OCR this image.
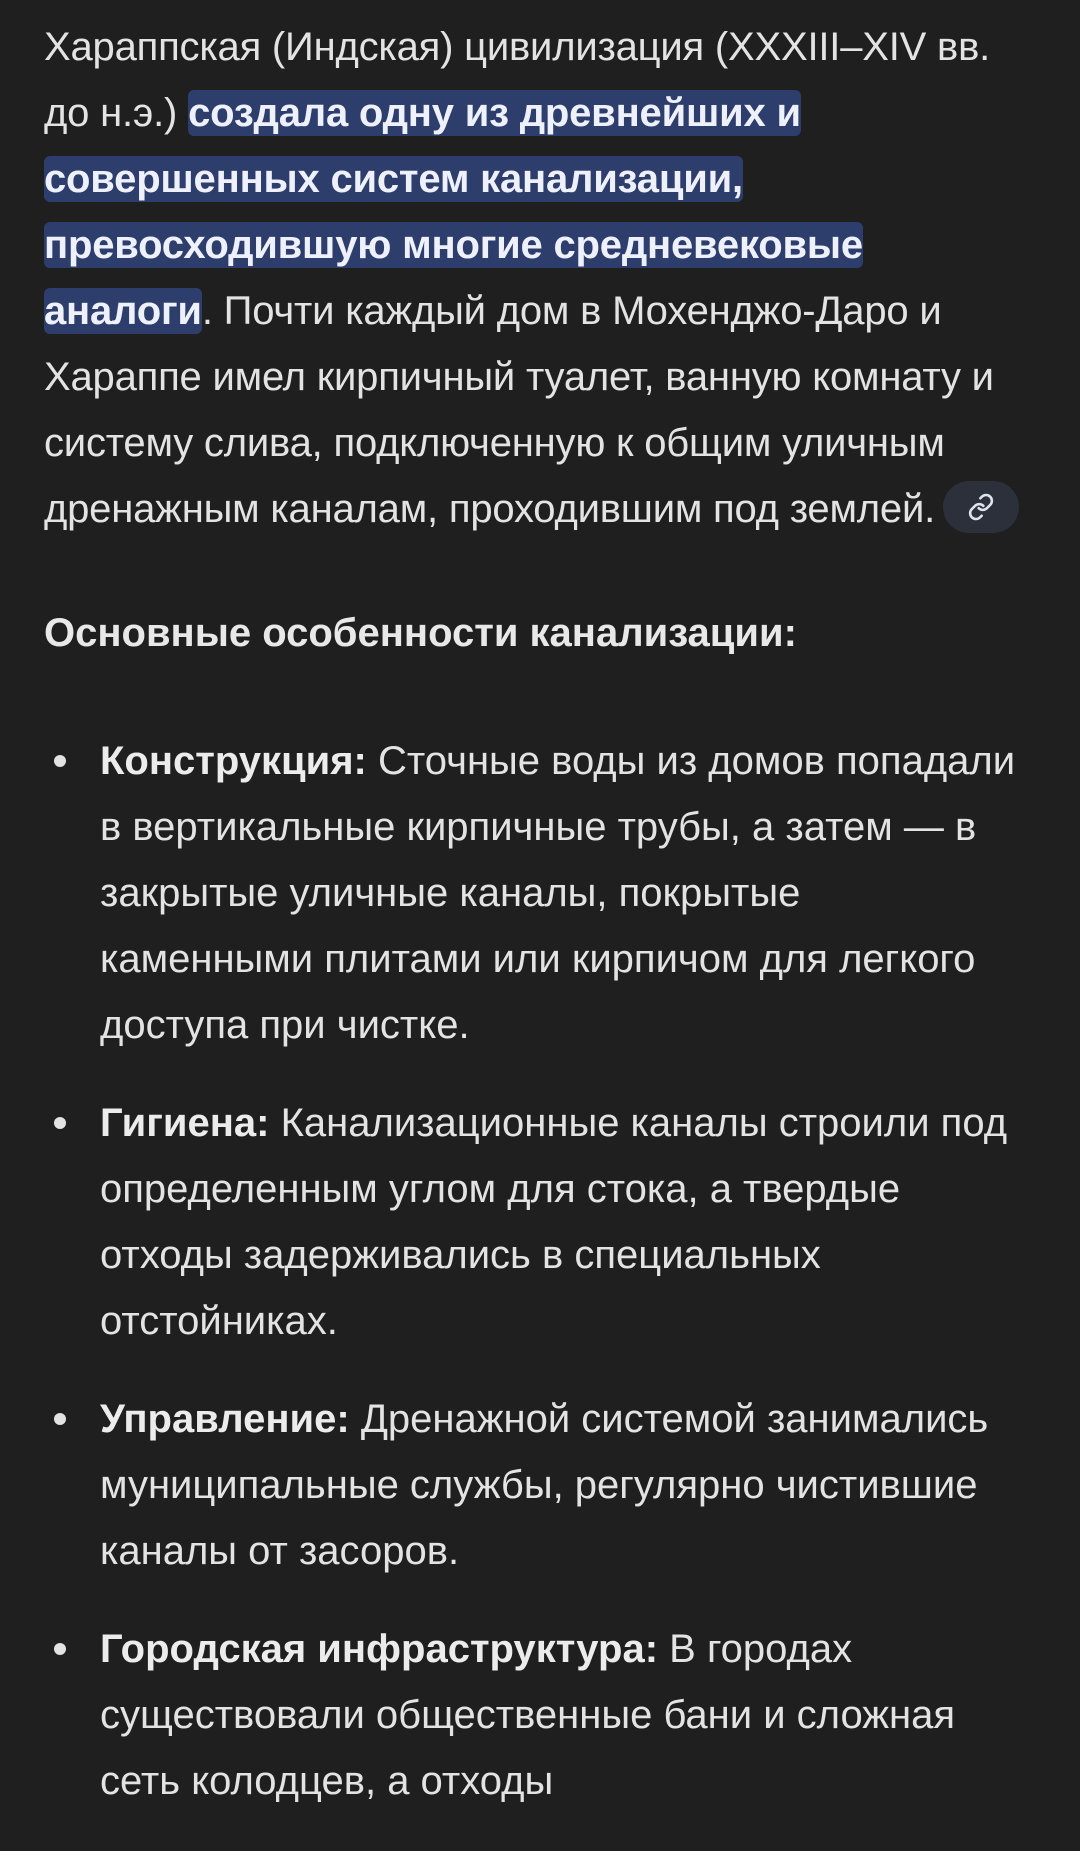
Хараппская (Индская) цивилизация (XXXIII–XIV вв. до н.э.) создала одну из древнейших и совершенных систем канализации, превосходившую многие средневековые аналоги. Почти каждый дом в Мохенджо-Даро и Хараппе имел кирпичный туалет, ванную комнату и систему слива, подключенную к общим уличным дренажным каналам, проходившим под землей.

Основные особенности канализации:
Конструкция: Сточные воды из домов попадали в вертикальные кирпичные трубы, а затем — в закрытые уличные каналы, покрытые каменными плитами или кирпичом для легкого доступа при чистке.
Гигиена: Канализационные каналы строили под определенным углом для стока, а твердые отходы задерживались в специальных отстойниках.
Управление: Дренажной системой занимались муниципальные службы, регулярно чистившие каналы от засоров.
Городская инфраструктура: В городах существовали общественные бани и сложная сеть колодцев, а отходы
